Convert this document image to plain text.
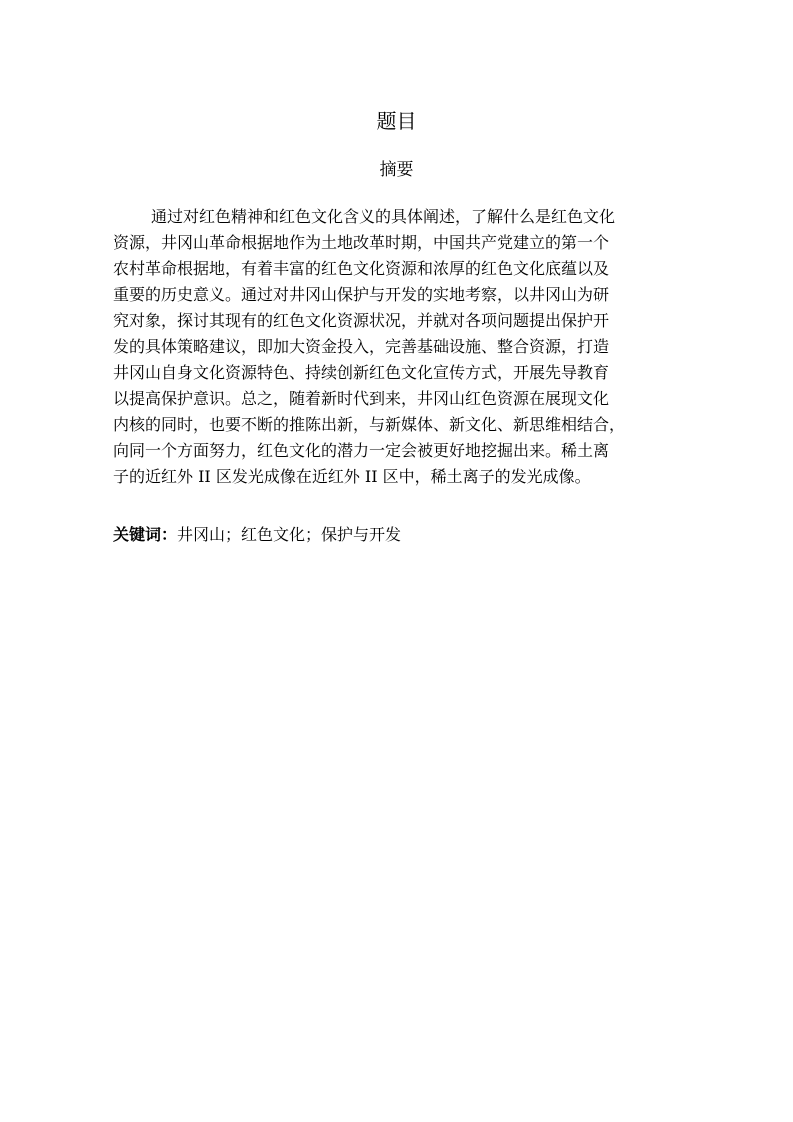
题目
摘要
通过对红色精神和红色文化含义的具体阐述，了解什么是红色文化
资源，井冈山革命根据地作为土地改革时期，中国共产党建立的第一个
农村革命根据地，有着丰富的红色文化资源和浓厚的红色文化底蕴以及
重要的历史意义。通过对井冈山保护与开发的实地考察，以井冈山为研
究对象，探讨其现有的红色文化资源状况，并就对各项问题提出保护开
发的具体策略建议，即加大资金投入，完善基础设施、整合资源，打造
井冈山自身文化资源特色、持续创新红色文化宣传方式，开展先导教育
以提高保护意识。总之，随着新时代到来，井冈山红色资源在展现文化
内核的同时，也要不断的推陈出新，与新媒体、新文化、新思维相结合，
向同一个方面努力，红色文化的潜力一定会被更好地挖掘出来。稀土离
子的近红外 II 区发光成像在近红外 II 区中，稀土离子的发光成像。
关键词：井冈山；红色文化；保护与开发
